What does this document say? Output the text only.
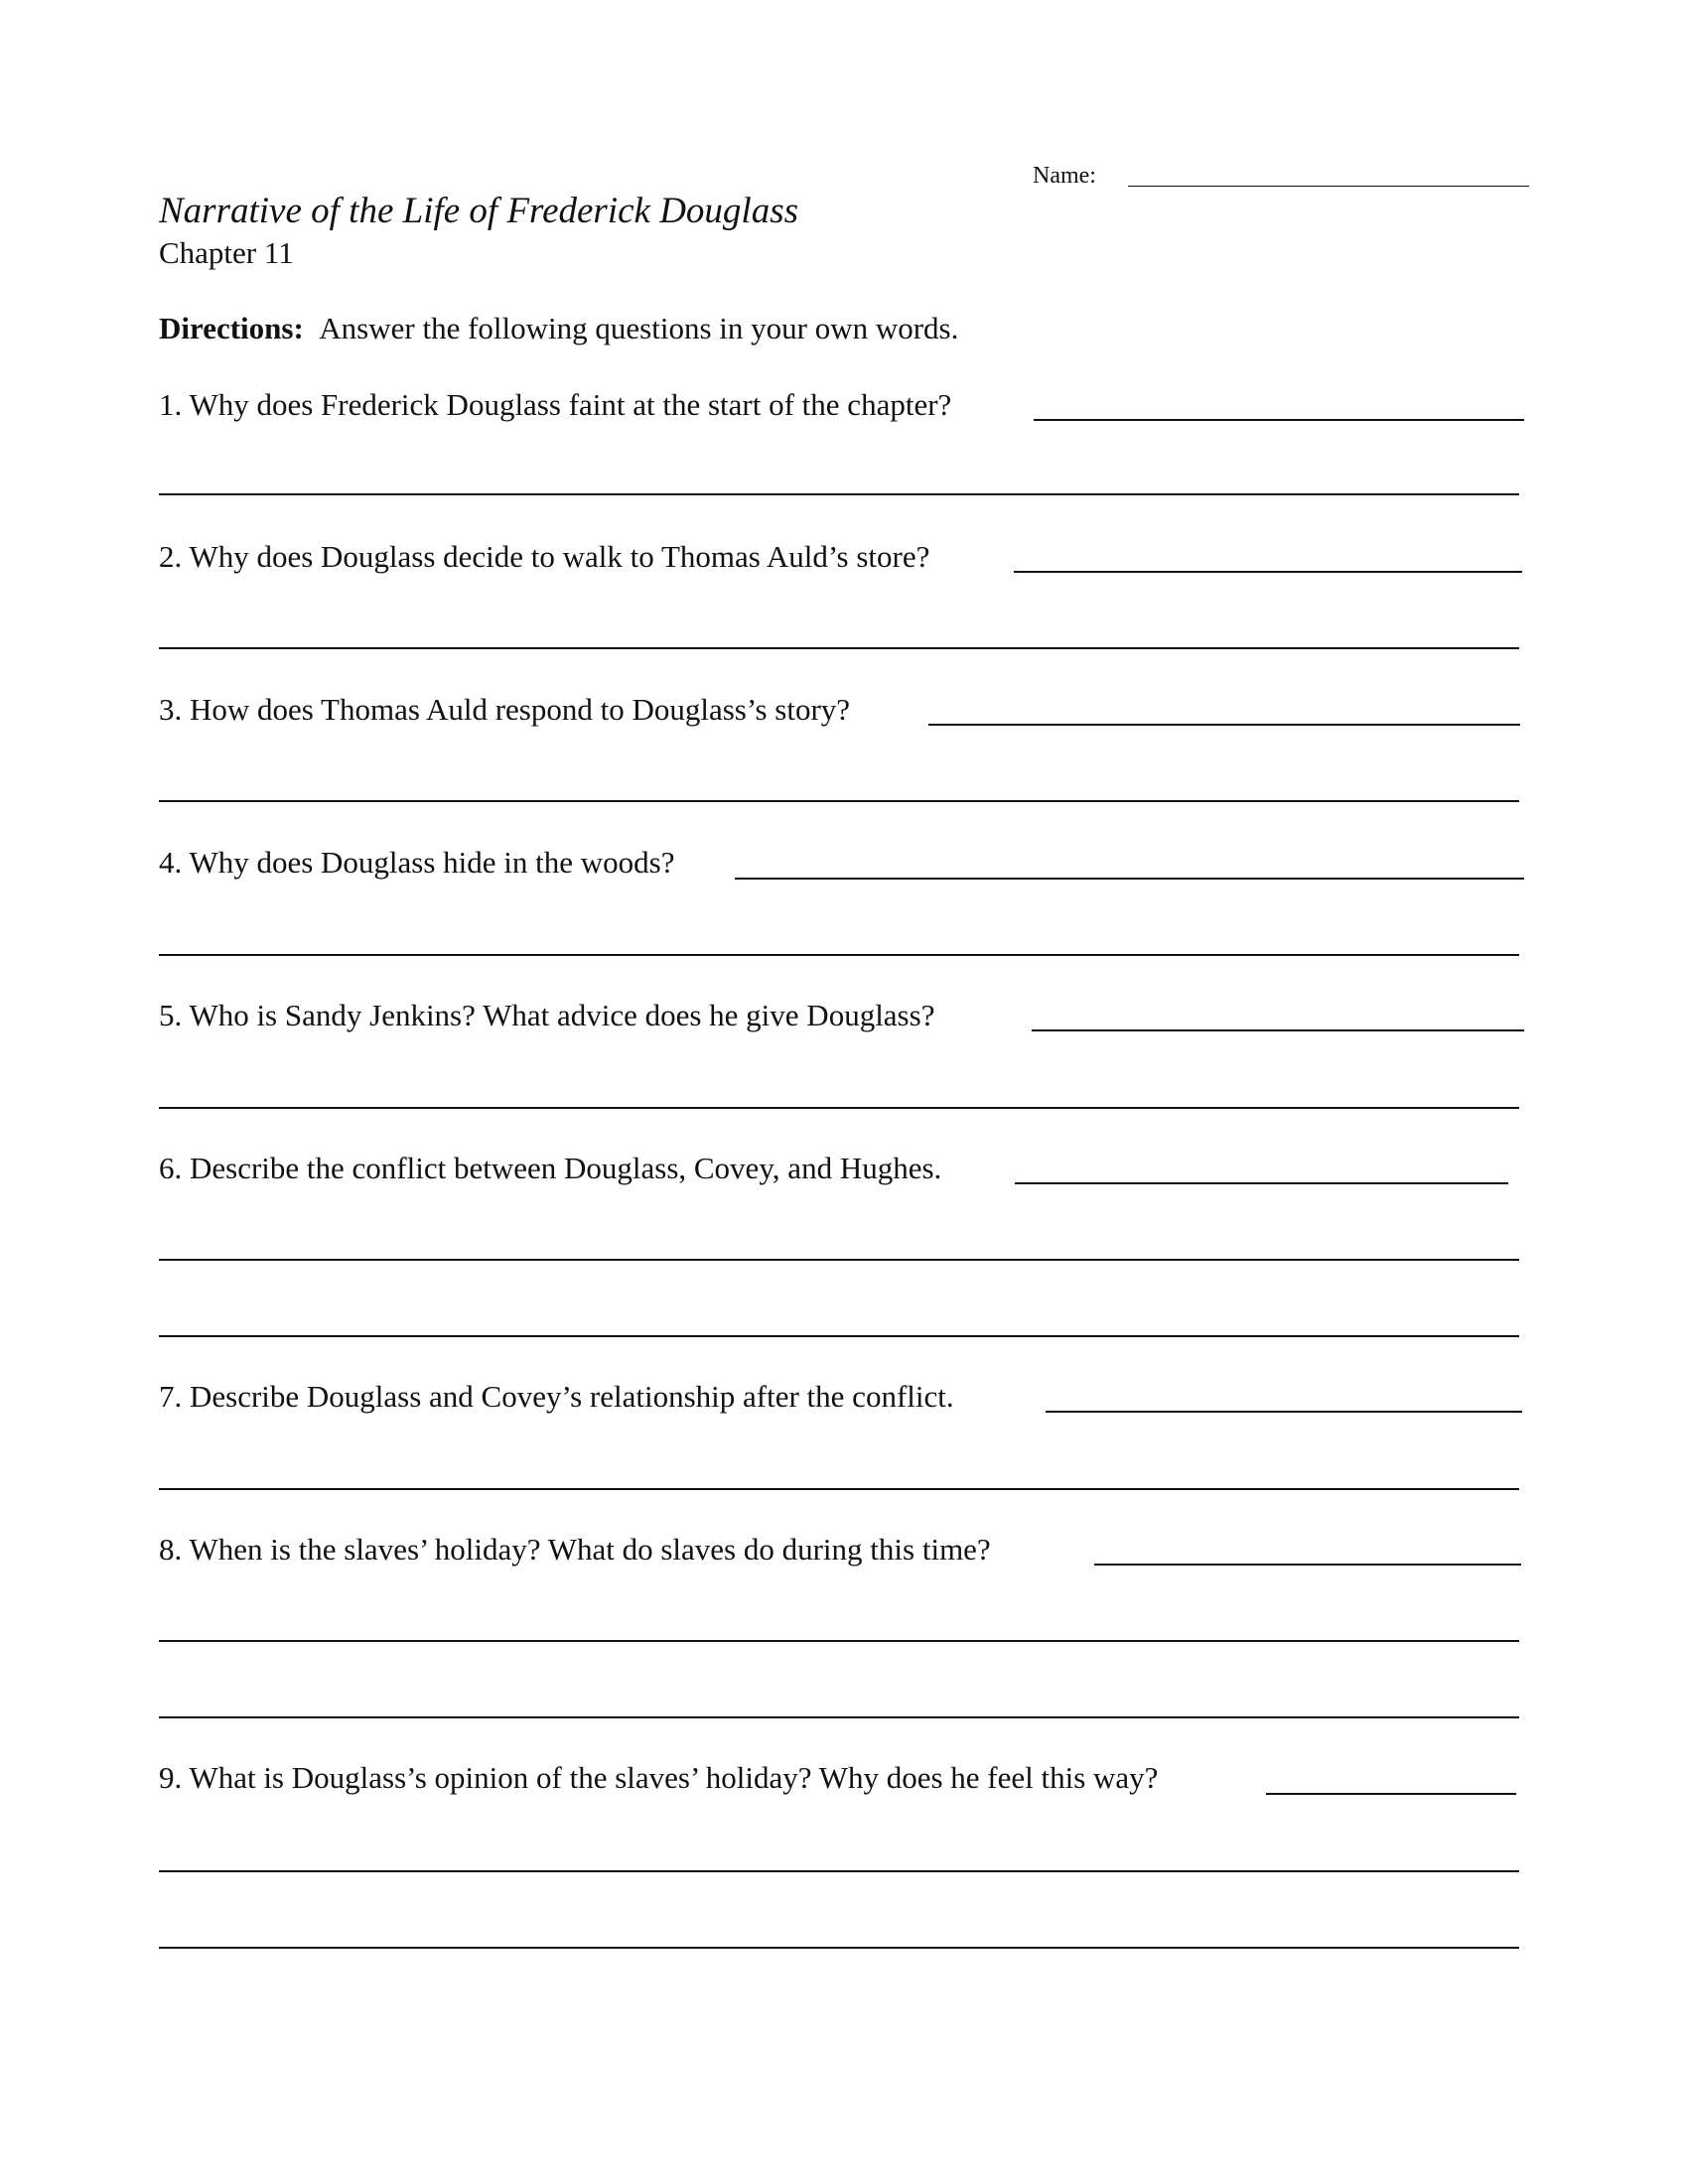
Name:
Narrative of the Life of Frederick Douglass
Chapter 11
Directions: Answer the following questions in your own words.
1. Why does Frederick Douglass faint at the start of the chapter?
2. Why does Douglass decide to walk to Thomas Auld’s store?
3. How does Thomas Auld respond to Douglass’s story?
4. Why does Douglass hide in the woods?
5. Who is Sandy Jenkins? What advice does he give Douglass?
6. Describe the conflict between Douglass, Covey, and Hughes.
7. Describe Douglass and Covey’s relationship after the conflict.
8. When is the slaves’ holiday? What do slaves do during this time?
9. What is Douglass’s opinion of the slaves’ holiday? Why does he feel this way?
